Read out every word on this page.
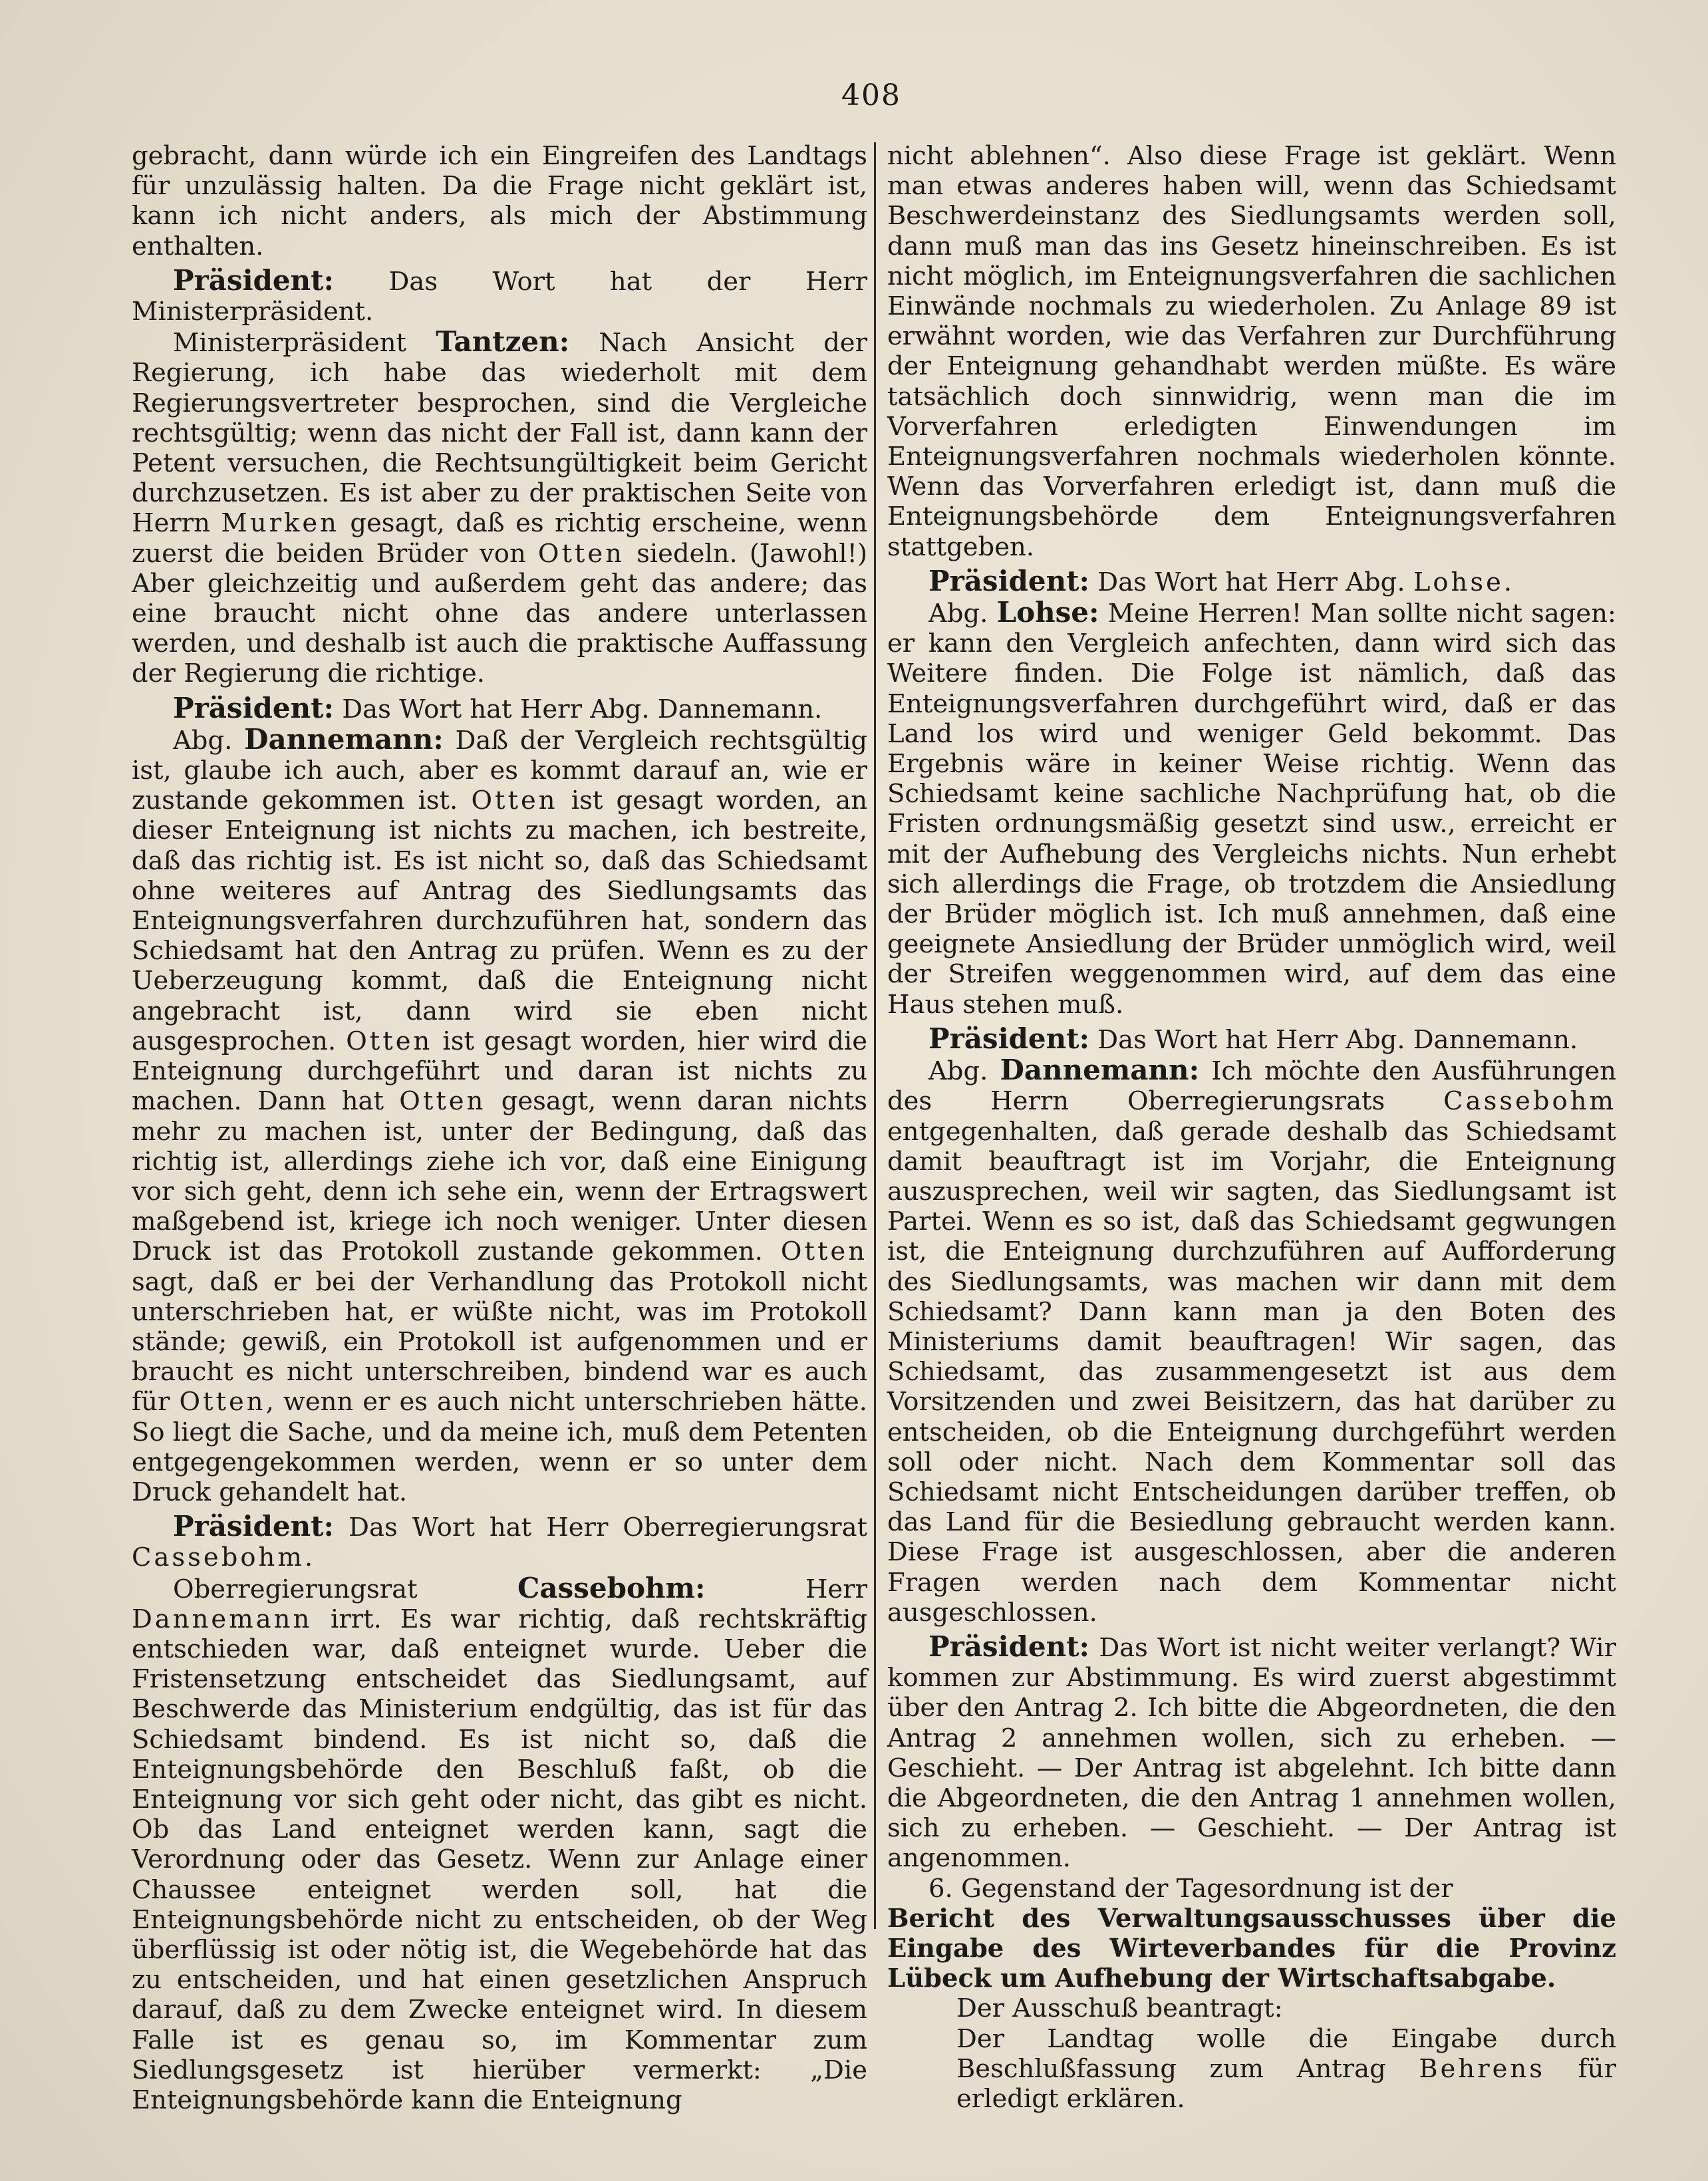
408

gebracht, dann würde ich ein Eingreifen des Landtags für unzulässig halten. Da die Frage nicht geklärt ist, kann ich nicht anders, als mich der Abstimmung enthalten.

Präsident: Das Wort hat der Herr Ministerpräsident.

Ministerpräsident Tantzen: Nach Ansicht der Regierung, ich habe das wiederholt mit dem Regierungsvertreter besprochen, sind die Vergleiche rechtsgültig; wenn das nicht der Fall ist, dann kann der Petent versuchen, die Rechtsungültigkeit beim Gericht durchzusetzen. Es ist aber zu der praktischen Seite von Herrn Murken gesagt, daß es richtig erscheine, wenn zuerst die beiden Brüder von Otten siedeln. (Jawohl!) Aber gleichzeitig und außerdem geht das andere; das eine braucht nicht ohne das andere unterlassen werden, und deshalb ist auch die praktische Auffassung der Regierung die richtige.

Präsident: Das Wort hat Herr Abg. Dannemann.

Abg. Dannemann: Daß der Vergleich rechtsgültig ist, glaube ich auch, aber es kommt darauf an, wie er zustande gekommen ist. Otten ist gesagt worden, an dieser Enteignung ist nichts zu machen, ich bestreite, daß das richtig ist. Es ist nicht so, daß das Schiedsamt ohne weiteres auf Antrag des Siedlungsamts das Enteignungsverfahren durchzuführen hat, sondern das Schiedsamt hat den Antrag zu prüfen. Wenn es zu der Ueberzeugung kommt, daß die Enteignung nicht angebracht ist, dann wird sie eben nicht ausgesprochen. Otten ist gesagt worden, hier wird die Enteignung durchgeführt und daran ist nichts zu machen. Dann hat Otten gesagt, wenn daran nichts mehr zu machen ist, unter der Bedingung, daß das richtig ist, allerdings ziehe ich vor, daß eine Einigung vor sich geht, denn ich sehe ein, wenn der Ertragswert maßgebend ist, kriege ich noch weniger. Unter diesen Druck ist das Protokoll zustande gekommen. Otten sagt, daß er bei der Verhandlung das Protokoll nicht unterschrieben hat, er wüßte nicht, was im Protokoll stände; gewiß, ein Protokoll ist aufgenommen und er braucht es nicht unterschreiben, bindend war es auch für Otten, wenn er es auch nicht unterschrieben hätte. So liegt die Sache, und da meine ich, muß dem Petenten entgegengekommen werden, wenn er so unter dem Druck gehandelt hat.

Präsident: Das Wort hat Herr Oberregierungsrat Cassebohm.

Oberregierungsrat Cassebohm: Herr Dannemann irrt. Es war richtig, daß rechtskräftig entschieden war, daß enteignet wurde. Ueber die Fristensetzung entscheidet das Siedlungsamt, auf Beschwerde das Ministerium endgültig, das ist für das Schiedsamt bindend. Es ist nicht so, daß die Enteignungsbehörde den Beschluß faßt, ob die Enteignung vor sich geht oder nicht, das gibt es nicht. Ob das Land enteignet werden kann, sagt die Verordnung oder das Gesetz. Wenn zur Anlage einer Chaussee enteignet werden soll, hat die Enteignungsbehörde nicht zu entscheiden, ob der Weg überflüssig ist oder nötig ist, die Wegebehörde hat das zu entscheiden, und hat einen gesetzlichen Anspruch darauf, daß zu dem Zwecke enteignet wird. In diesem Falle ist es genau so, im Kommentar zum Siedlungsgesetz ist hierüber vermerkt: „Die Enteignungsbehörde kann die Enteignung

nicht ablehnen“. Also diese Frage ist geklärt. Wenn man etwas anderes haben will, wenn das Schiedsamt Beschwerdeinstanz des Siedlungsamts werden soll, dann muß man das ins Gesetz hineinschreiben. Es ist nicht möglich, im Enteignungsverfahren die sachlichen Einwände nochmals zu wiederholen. Zu Anlage 89 ist erwähnt worden, wie das Verfahren zur Durchführung der Enteignung gehandhabt werden müßte. Es wäre tatsächlich doch sinnwidrig, wenn man die im Vorverfahren erledigten Einwendungen im Enteignungsverfahren nochmals wiederholen könnte. Wenn das Vorverfahren erledigt ist, dann muß die Enteignungsbehörde dem Enteignungsverfahren stattgeben.

Präsident: Das Wort hat Herr Abg. Lohse.

Abg. Lohse: Meine Herren! Man sollte nicht sagen: er kann den Vergleich anfechten, dann wird sich das Weitere finden. Die Folge ist nämlich, daß das Enteignungsverfahren durchgeführt wird, daß er das Land los wird und weniger Geld bekommt. Das Ergebnis wäre in keiner Weise richtig. Wenn das Schiedsamt keine sachliche Nachprüfung hat, ob die Fristen ordnungsmäßig gesetzt sind usw., erreicht er mit der Aufhebung des Vergleichs nichts. Nun erhebt sich allerdings die Frage, ob trotzdem die Ansiedlung der Brüder möglich ist. Ich muß annehmen, daß eine geeignete Ansiedlung der Brüder unmöglich wird, weil der Streifen weggenommen wird, auf dem das eine Haus stehen muß.

Präsident: Das Wort hat Herr Abg. Dannemann.

Abg. Dannemann: Ich möchte den Ausführungen des Herrn Oberregierungsrats Cassebohm entgegenhalten, daß gerade deshalb das Schiedsamt damit beauftragt ist im Vorjahr, die Enteignung auszusprechen, weil wir sagten, das Siedlungsamt ist Partei. Wenn es so ist, daß das Schiedsamt gegwungen ist, die Enteignung durchzuführen auf Aufforderung des Siedlungsamts, was machen wir dann mit dem Schiedsamt? Dann kann man ja den Boten des Ministeriums damit beauftragen! Wir sagen, das Schiedsamt, das zusammengesetzt ist aus dem Vorsitzenden und zwei Beisitzern, das hat darüber zu entscheiden, ob die Enteignung durchgeführt werden soll oder nicht. Nach dem Kommentar soll das Schiedsamt nicht Entscheidungen darüber treffen, ob das Land für die Besiedlung gebraucht werden kann. Diese Frage ist ausgeschlossen, aber die anderen Fragen werden nach dem Kommentar nicht ausgeschlossen.

Präsident: Das Wort ist nicht weiter verlangt? Wir kommen zur Abstimmung. Es wird zuerst abgestimmt über den Antrag 2. Ich bitte die Abgeordneten, die den Antrag 2 annehmen wollen, sich zu erheben. — Geschieht. — Der Antrag ist abgelehnt. Ich bitte dann die Abgeordneten, die den Antrag 1 annehmen wollen, sich zu erheben. — Geschieht. — Der Antrag ist angenommen.

6. Gegenstand der Tagesordnung ist der

Bericht des Verwaltungsausschusses über die Eingabe des Wirteverbandes für die Provinz Lübeck um Aufhebung der Wirtschaftsabgabe.

Der Ausschuß beantragt:

Der Landtag wolle die Eingabe durch Beschlußfassung zum Antrag Behrens für erledigt erklären.
